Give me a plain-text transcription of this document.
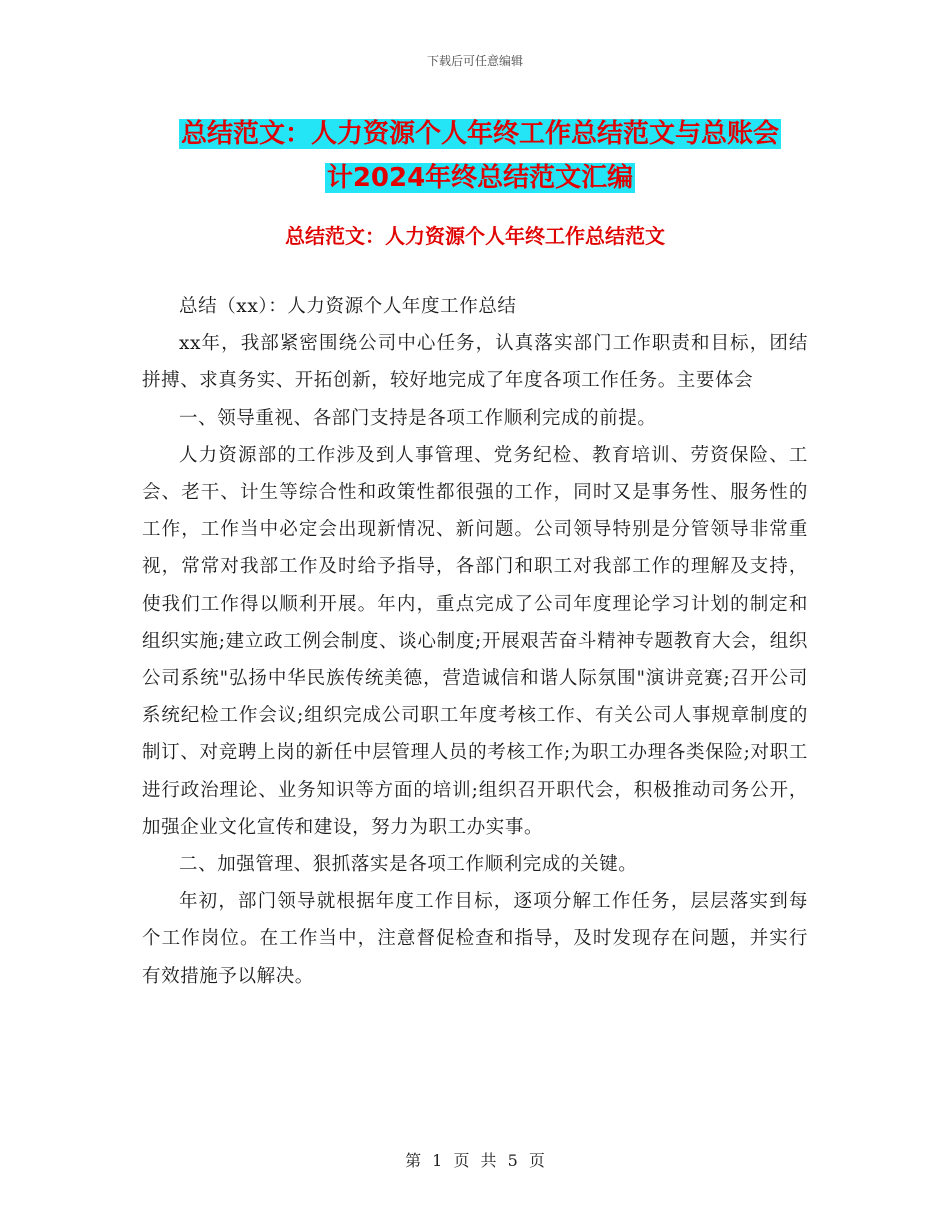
下载后可任意编辑
总结范文：人力资源个人年终工作总结范文与总账会
计2024年终总结范文汇编
总结范文：人力资源个人年终工作总结范文

总结（xx）：人力资源个人年度工作总结

xx年，我部紧密围绕公司中心任务，认真落实部门工作职责和目标，团结拼搏、求真务实、开拓创新，较好地完成了年度各项工作任务。主要体会

一、领导重视、各部门支持是各项工作顺利完成的前提。

人力资源部的工作涉及到人事管理、党务纪检、教育培训、劳资保险、工会、老干、计生等综合性和政策性都很强的工作，同时又是事务性、服务性的工作，工作当中必定会出现新情况、新问题。公司领导特别是分管领导非常重视，常常对我部工作及时给予指导，各部门和职工对我部工作的理解及支持，使我们工作得以顺利开展。年内，重点完成了公司年度理论学习计划的制定和组织实施;建立政工例会制度、谈心制度;开展艰苦奋斗精神专题教育大会，组织公司系统"弘扬中华民族传统美德，营造诚信和谐人际氛围"演讲竞赛;召开公司系统纪检工作会议;组织完成公司职工年度考核工作、有关公司人事规章制度的制订、对竞聘上岗的新任中层管理人员的考核工作;为职工办理各类保险;对职工进行政治理论、业务知识等方面的培训;组织召开职代会，积极推动司务公开，加强企业文化宣传和建设，努力为职工办实事。

二、加强管理、狠抓落实是各项工作顺利完成的关键。

年初，部门领导就根据年度工作目标，逐项分解工作任务，层层落实到每个工作岗位。在工作当中，注意督促检查和指导，及时发现存在问题，并实行有效措施予以解决。

第 1 页 共 5 页
